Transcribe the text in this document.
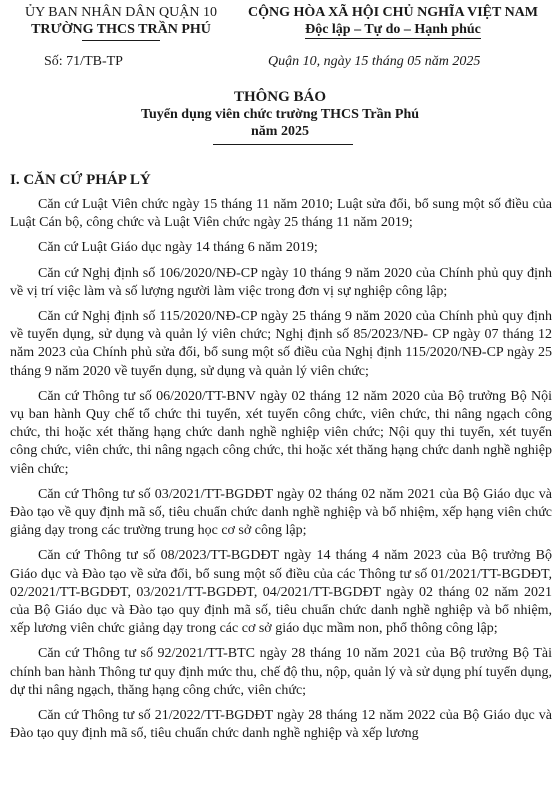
ỦY BAN NHÂN DÂN QUẬN 10
TRƯỜNG THCS TRẦN PHÚ
CỘNG HÒA XÃ HỘI CHỦ NGHĨA VIỆT NAM
Độc lập – Tự do – Hạnh phúc
Số: 71/TB-TP	Quận 10, ngày 15 tháng 05 năm 2025
THÔNG BÁO
Tuyển dụng viên chức trường THCS Trần Phú
năm 2025
I. CĂN CỨ PHÁP LÝ

Căn cứ Luật Viên chức ngày 15 tháng 11 năm 2010; Luật sửa đổi, bổ sung một số điều của Luật Cán bộ, công chức và Luật Viên chức ngày 25 tháng 11 năm 2019;

Căn cứ Luật Giáo dục ngày 14 tháng 6 năm 2019;

Căn cứ Nghị định số 106/2020/NĐ-CP ngày 10 tháng 9 năm 2020 của Chính phủ quy định về vị trí việc làm và số lượng người làm việc trong đơn vị sự nghiệp công lập;

Căn cứ Nghị định số 115/2020/NĐ-CP ngày 25 tháng 9 năm 2020 của Chính phủ quy định về tuyển dụng, sử dụng và quản lý viên chức; Nghị định số 85/2023/NĐ- CP ngày 07 tháng 12 năm 2023 của Chính phủ sửa đổi, bổ sung một số điều của Nghị định 115/2020/NĐ-CP ngày 25 tháng 9 năm 2020 về tuyển dụng, sử dụng và quản lý viên chức;

Căn cứ Thông tư số 06/2020/TT-BNV ngày 02 tháng 12 năm 2020 của Bộ trưởng Bộ Nội vụ ban hành Quy chế tổ chức thi tuyển, xét tuyển công chức, viên chức, thi nâng ngạch công chức, thi hoặc xét thăng hạng chức danh nghề nghiệp viên chức; Nội quy thi tuyển, xét tuyển công chức, viên chức, thi nâng ngạch công chức, thi hoặc xét thăng hạng chức danh nghề nghiệp viên chức;

Căn cứ Thông tư số 03/2021/TT-BGDĐT ngày 02 tháng 02 năm 2021 của Bộ Giáo dục và Đào tạo về quy định mã số, tiêu chuẩn chức danh nghề nghiệp và bổ nhiệm, xếp hạng viên chức giảng dạy trong các trường trung học cơ sở công lập;

Căn cứ Thông tư số 08/2023/TT-BGDĐT ngày 14 tháng 4 năm 2023 của Bộ trưởng Bộ Giáo dục và Đào tạo về sửa đổi, bổ sung một số điều của các Thông tư số 01/2021/TT-BGDĐT, 02/2021/TT-BGDĐT, 03/2021/TT-BGDĐT, 04/2021/TT-BGDĐT ngày 02 tháng 02 năm 2021 của Bộ Giáo dục và Đào tạo quy định mã số, tiêu chuẩn chức danh nghề nghiệp và bổ nhiệm, xếp lương viên chức giảng dạy trong các cơ sở giáo dục mầm non, phổ thông công lập;

Căn cứ Thông tư số 92/2021/TT-BTC ngày 28 tháng 10 năm 2021 của Bộ trưởng Bộ Tài chính ban hành Thông tư quy định mức thu, chế độ thu, nộp, quản lý và sử dụng phí tuyển dụng, dự thi nâng ngạch, thăng hạng công chức, viên chức;

Căn cứ Thông tư số 21/2022/TT-BGDĐT ngày 28 tháng 12 năm 2022 của Bộ Giáo dục và Đào tạo quy định mã số, tiêu chuẩn chức danh nghề nghiệp và xếp lương
